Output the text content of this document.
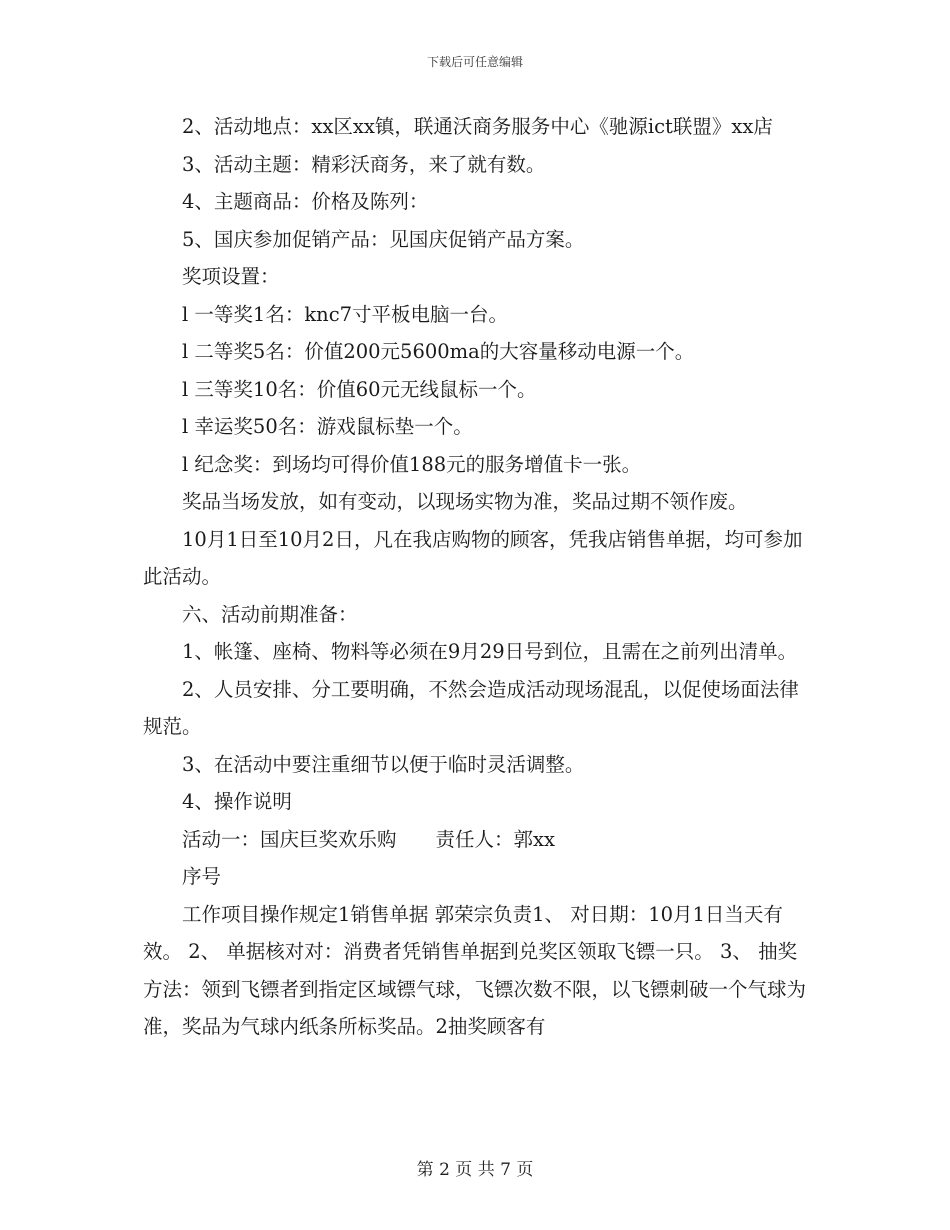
下载后可任意编辑

2、活动地点：xx区xx镇，联通沃商务服务中心《驰源ict联盟》xx店

3、活动主题：精彩沃商务，来了就有数。

4、主题商品：价格及陈列：

5、国庆参加促销产品：见国庆促销产品方案。

奖项设置：

l 一等奖1名：knc7寸平板电脑一台。

l 二等奖5名：价值200元5600ma的大容量移动电源一个。

l 三等奖10名：价值60元无线鼠标一个。

l 幸运奖50名：游戏鼠标垫一个。

l 纪念奖：到场均可得价值188元的服务增值卡一张。

奖品当场发放，如有变动，以现场实物为准，奖品过期不领作废。

10月1日至10月2日，凡在我店购物的顾客，凭我店销售单据，均可参加此活动。

六、活动前期准备：

1、帐篷、座椅、物料等必须在9月29日号到位，且需在之前列出清单。

2、人员安排、分工要明确，不然会造成活动现场混乱，以促使场面法律规范。

3、在活动中要注重细节以便于临时灵活调整。

4、操作说明

活动一：国庆巨奖欢乐购　　责任人：郭xx

序号

工作项目操作规定1销售单据 郭荣宗负责1、 对日期：10月1日当天有效。 2、 单据核对对：消费者凭销售单据到兑奖区领取飞镖一只。 3、 抽奖方法：领到飞镖者到指定区域镖气球，飞镖次数不限，以飞镖刺破一个气球为准，奖品为气球内纸条所标奖品。2抽奖顾客有

第 2 页 共 7 页
